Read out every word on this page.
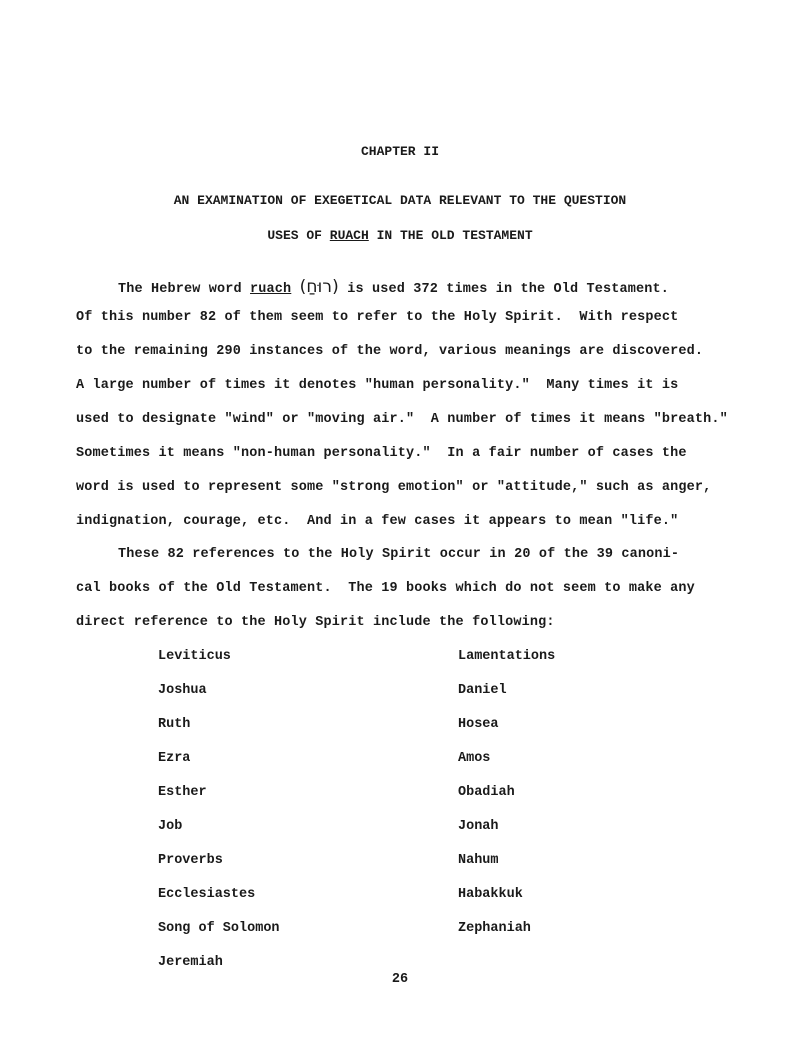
CHAPTER II
AN EXAMINATION OF EXEGETICAL DATA RELEVANT TO THE QUESTION
USES OF RUACH IN THE OLD TESTAMENT
The Hebrew word ruach (רוּחַ) is used 372 times in the Old Testament.
Of this number 82 of them seem to refer to the Holy Spirit.  With respect
to the remaining 290 instances of the word, various meanings are discovered.
A large number of times it denotes "human personality."  Many times it is
used to designate "wind" or "moving air."  A number of times it means "breath."
Sometimes it means "non-human personality."  In a fair number of cases the
word is used to represent some "strong emotion" or "attitude," such as anger,
indignation, courage, etc.  And in a few cases it appears to mean "life."
These 82 references to the Holy Spirit occur in 20 of the 39 canoni-
cal books of the Old Testament.  The 19 books which do not seem to make any
direct reference to the Holy Spirit include the following:
Leviticus
Joshua
Ruth
Ezra
Esther
Job
Proverbs
Ecclesiastes
Song of Solomon
Jeremiah
Lamentations
Daniel
Hosea
Amos
Obadiah
Jonah
Nahum
Habakkuk
Zephaniah
26
